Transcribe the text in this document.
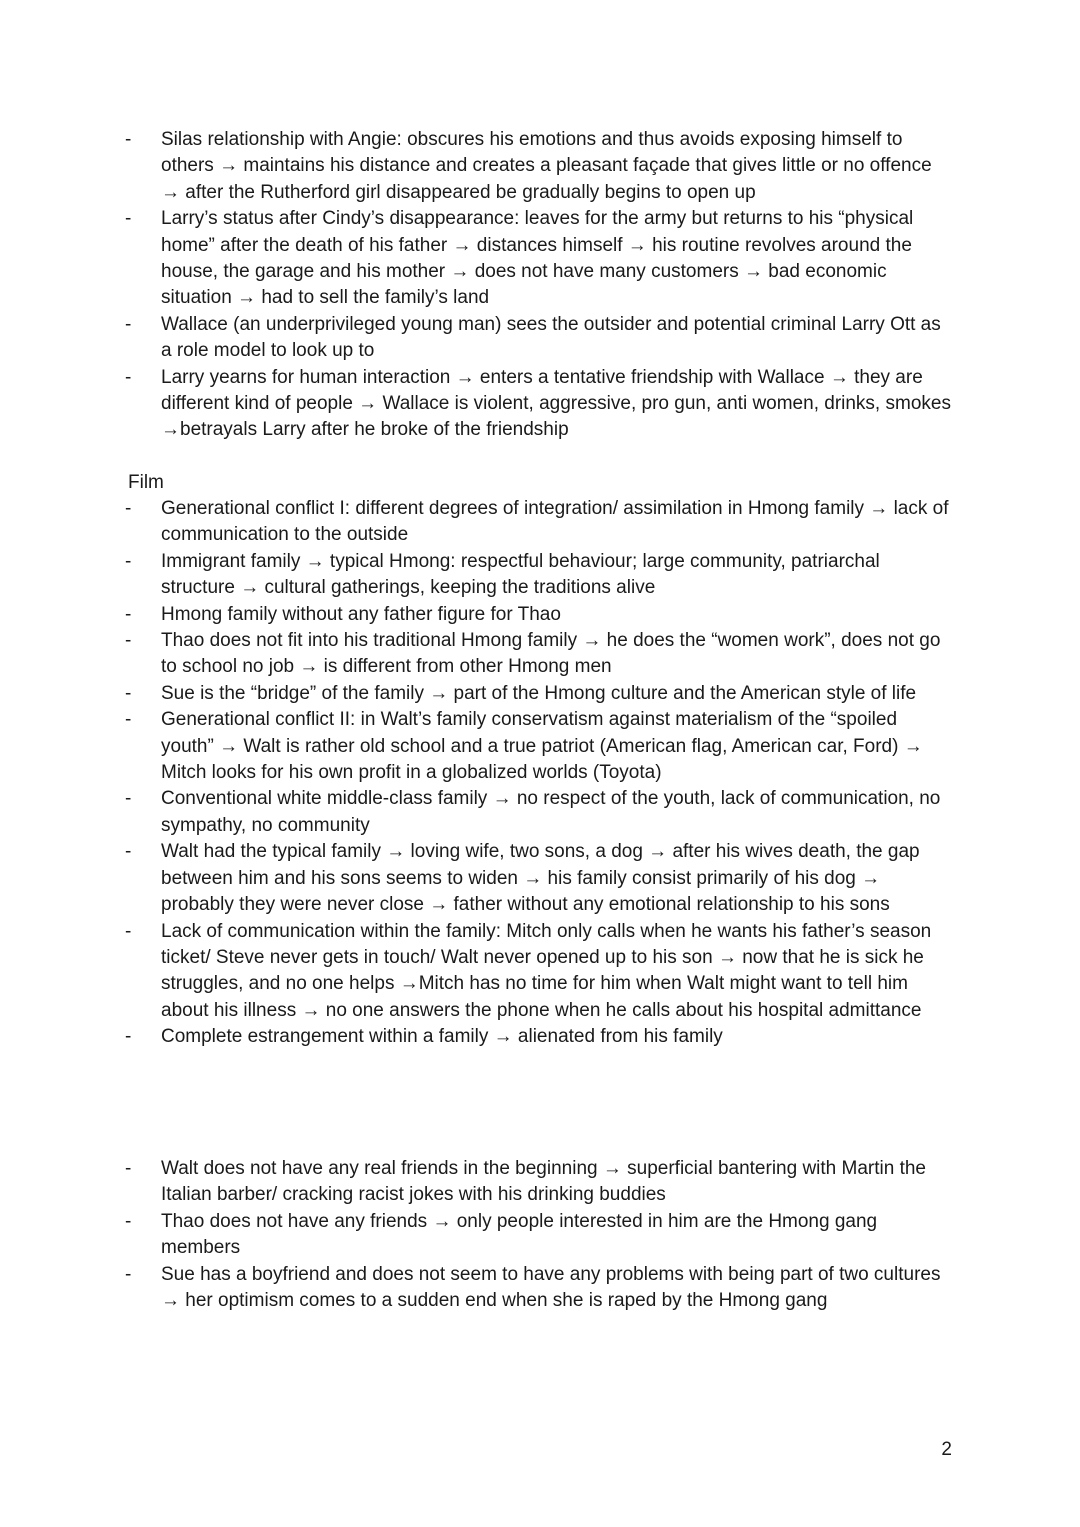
- Silas relationship with Angie: obscures his emotions and thus avoids exposing himself to others → maintains his distance and creates a pleasant façade that gives little or no offence → after the Rutherford girl disappeared be gradually begins to open up
- Larry’s status after Cindy’s disappearance: leaves for the army but returns to his “physical home” after the death of his father → distances himself → his routine revolves around the house, the garage and his mother → does not have many customers → bad economic situation → had to sell the family’s land
- Wallace (an underprivileged young man) sees the outsider and potential criminal Larry Ott as a role model to look up to
- Larry yearns for human interaction → enters a tentative friendship with Wallace → they are different kind of people → Wallace is violent, aggressive, pro gun, anti women, drinks, smokes →betrayals Larry after he broke of the friendship
Film
- Generational conflict I: different degrees of integration/ assimilation in Hmong family → lack of communication to the outside
- Immigrant family → typical Hmong: respectful behaviour; large community, patriarchal structure → cultural gatherings, keeping the traditions alive
- Hmong family without any father figure for Thao
- Thao does not fit into his traditional Hmong family → he does the “women work”, does not go to school no job → is different from other Hmong men
- Sue is the “bridge” of the family → part of the Hmong culture and the American style of life
- Generational conflict II: in Walt’s family conservatism against materialism of the “spoiled youth” → Walt is rather old school and a true patriot (American flag, American car, Ford) → Mitch looks for his own profit in a globalized worlds (Toyota)
- Conventional white middle-class family → no respect of the youth, lack of communication, no sympathy, no community
- Walt had the typical family → loving wife, two sons, a dog → after his wives death, the gap between him and his sons seems to widen → his family consist primarily of his dog → probably they were never close → father without any emotional relationship to his sons
- Lack of communication within the family: Mitch only calls when he wants his father’s season ticket/ Steve never gets in touch/ Walt never opened up to his son → now that he is sick he struggles, and no one helps →Mitch has no time for him when Walt might want to tell him about his illness → no one answers the phone when he calls about his hospital admittance
- Complete estrangement within a family → alienated from his family
- Walt does not have any real friends in the beginning → superficial bantering with Martin the Italian barber/ cracking racist jokes with his drinking buddies
- Thao does not have any friends → only people interested in him are the Hmong gang members
- Sue has a boyfriend and does not seem to have any problems with being part of two cultures → her optimism comes to a sudden end when she is raped by the Hmong gang
2
